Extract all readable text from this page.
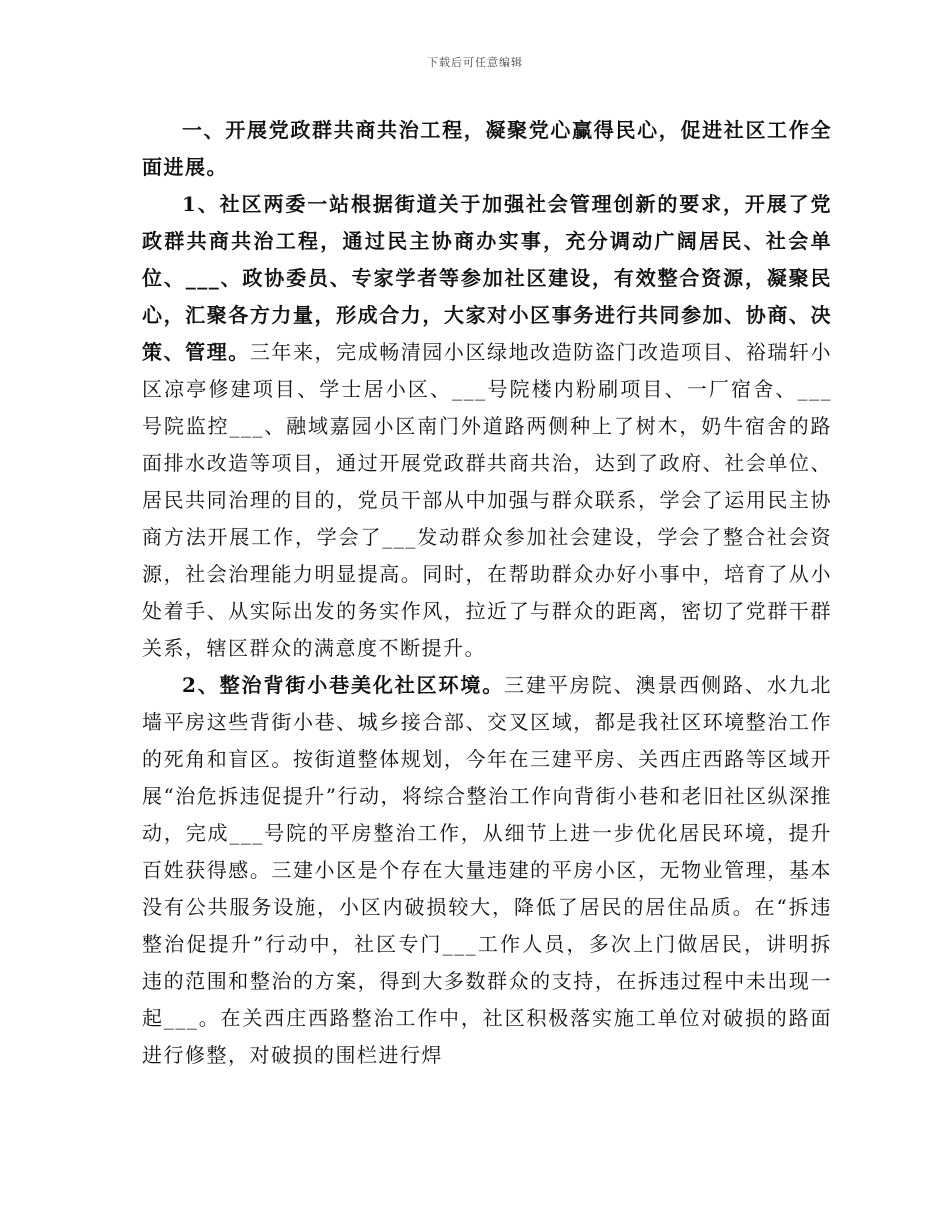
下载后可任意编辑

一、开展党政群共商共治工程，凝聚党心赢得民心，促进社区工作全面进展。

1、社区两委一站根据街道关于加强社会管理创新的要求，开展了党政群共商共治工程，通过民主协商办实事，充分调动广阔居民、社会单位、___、政协委员、专家学者等参加社区建设，有效整合资源，凝聚民心，汇聚各方力量，形成合力，大家对小区事务进行共同参加、协商、决策、管理。三年来，完成畅清园小区绿地改造防盗门改造项目、裕瑞轩小区凉亭修建项目、学士居小区、___号院楼内粉刷项目、一厂宿舍、___号院监控___、融域嘉园小区南门外道路两侧种上了树木，奶牛宿舍的路面排水改造等项目，通过开展党政群共商共治，达到了政府、社会单位、居民共同治理的目的，党员干部从中加强与群众联系，学会了运用民主协商方法开展工作，学会了___发动群众参加社会建设，学会了整合社会资源，社会治理能力明显提高。同时，在帮助群众办好小事中，培育了从小处着手、从实际出发的务实作风，拉近了与群众的距离，密切了党群干群关系，辖区群众的满意度不断提升。

2、整治背街小巷美化社区环境。三建平房院、澳景西侧路、水九北墙平房这些背街小巷、城乡接合部、交叉区域，都是我社区环境整治工作的死角和盲区。按街道整体规划，今年在三建平房、关西庄西路等区域开展“治危拆违促提升”行动，将综合整治工作向背街小巷和老旧社区纵深推动，完成___号院的平房整治工作，从细节上进一步优化居民环境，提升百姓获得感。三建小区是个存在大量违建的平房小区，无物业管理，基本没有公共服务设施，小区内破损较大，降低了居民的居住品质。在“拆违整治促提升”行动中，社区专门___工作人员，多次上门做居民，讲明拆违的范围和整治的方案，得到大多数群众的支持，在拆违过程中未出现一起___。在关西庄西路整治工作中，社区积极落实施工单位对破损的路面进行修整，对破损的围栏进行焊
